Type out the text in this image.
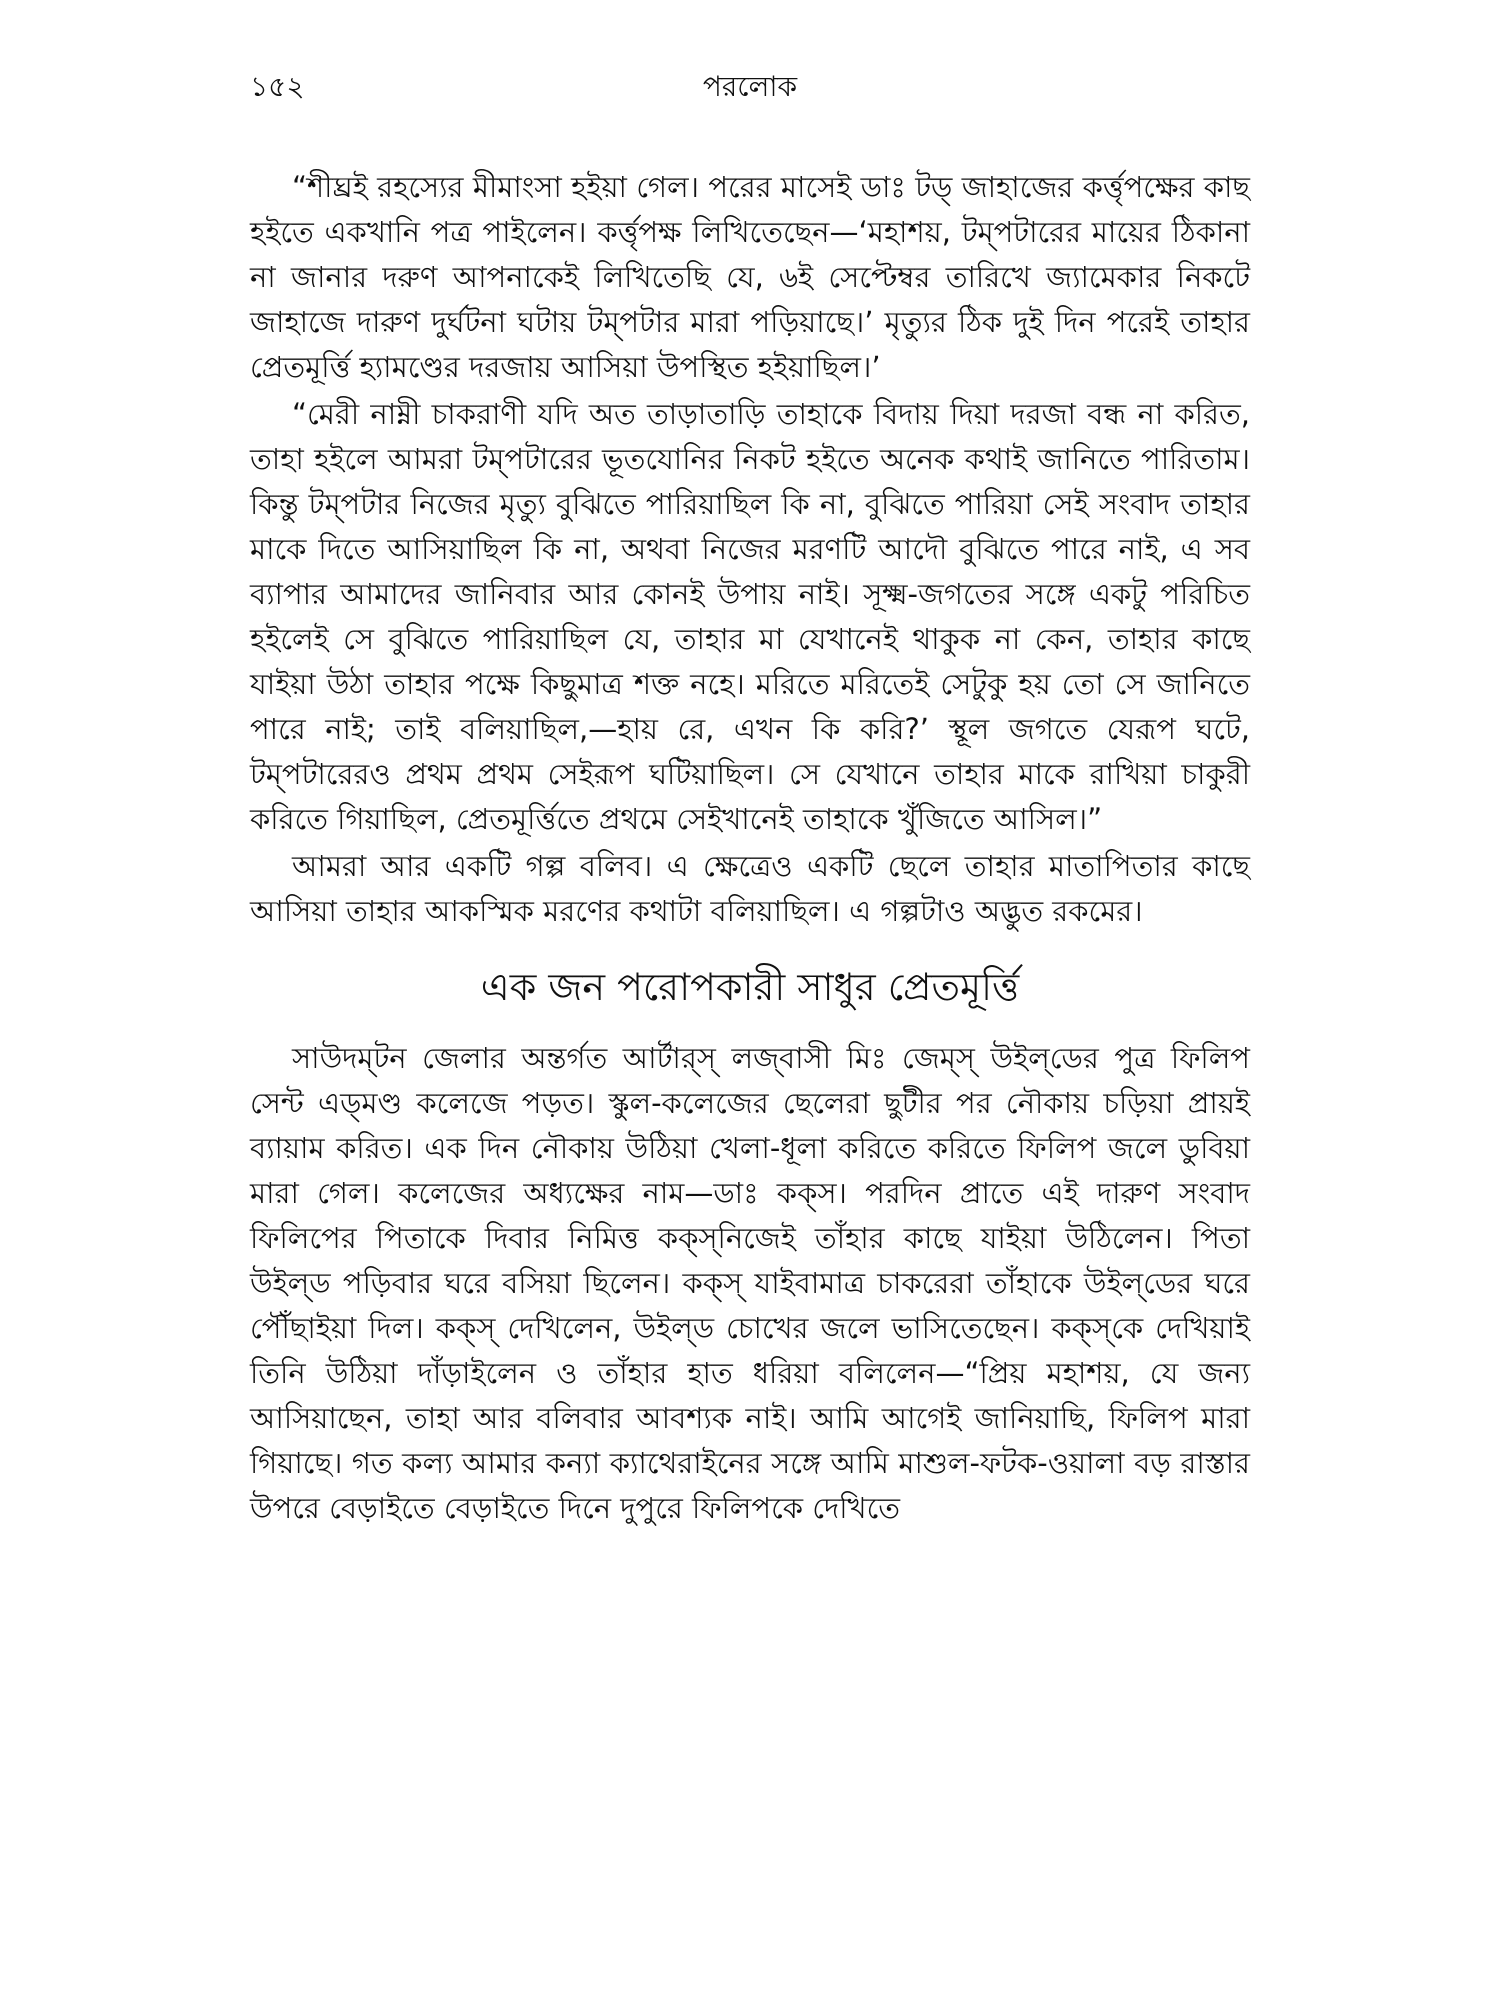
১৫২	পরলোক

“শীঘ্রই রহস্যের মীমাংসা হইয়া গেল। পরের মাসেই ডাঃ টড্ জাহাজের কর্ত্তৃপক্ষের কাছ হইতে একখানি পত্র পাইলেন। কর্ত্তৃপক্ষ লিখিতেছেন—‘মহাশয়, টম্‌পটারের মায়ের ঠিকানা না জানার দরুণ আপনাকেই লিখিতেছি যে, ৬ই সেপ্টেম্বর তারিখে জ্যামেকার নিকটে জাহাজে দারুণ দুর্ঘটনা ঘটায় টম্‌পটার মারা পড়িয়াছে।’ মৃত্যুর ঠিক দুই দিন পরেই তাহার প্রেতমূর্ত্তি হ্যামণ্ডের দরজায় আসিয়া উপস্থিত হইয়াছিল।’

“মেরী নাম্নী চাকরাণী যদি অত তাড়াতাড়ি তাহাকে বিদায় দিয়া দরজা বন্ধ না করিত, তাহা হইলে আমরা টম্‌পটারের ভূতযোনির নিকট হইতে অনেক কথাই জানিতে পারিতাম। কিন্তু টম্‌পটার নিজের মৃত্যু বুঝিতে পারিয়াছিল কি না, বুঝিতে পারিয়া সেই সংবাদ তাহার মাকে দিতে আসিয়াছিল কি না, অথবা নিজের মরণটি আদৌ বুঝিতে পারে নাই, এ সব ব্যাপার আমাদের জানিবার আর কোনই উপায় নাই। সূক্ষ্ম-জগতের সঙ্গে একটু পরিচিত হইলেই সে বুঝিতে পারিয়াছিল যে, তাহার মা যেখানেই থাকুক না কেন, তাহার কাছে যাইয়া উঠা তাহার পক্ষে কিছুমাত্র শক্ত নহে। মরিতে মরিতেই সেটুকু হয় তো সে জানিতে পারে নাই; তাই বলিয়াছিল,—হায় রে, এখন কি করি?’ স্থূল জগতে যেরূপ ঘটে, টম্‌পটারেরও প্রথম প্রথম সেইরূপ ঘটিয়াছিল। সে যেখানে তাহার মাকে রাখিয়া চাকুরী করিতে গিয়াছিল, প্রেতমূর্ত্তিতে প্রথমে সেইখানেই তাহাকে খুঁজিতে আসিল।”

আমরা আর একটি গল্প বলিব। এ ক্ষেত্রেও একটি ছেলে তাহার মাতাপিতার কাছে আসিয়া তাহার আকস্মিক মরণের কথাটা বলিয়াছিল। এ গল্পটাও অদ্ভুত রকমের।

এক জন পরোপকারী সাধুর প্রেতমূর্ত্তি

সাউদম্‌টন জেলার অন্তর্গত আর্টার্‌স্ লজ্‌বাসী মিঃ জেম্‌স্ উইল্‌ডের পুত্র ফিলিপ সেন্ট এড্‌মণ্ড কলেজে পড়ত। স্কুল-কলেজের ছেলেরা ছুটীর পর নৌকায় চড়িয়া প্রায়ই ব্যায়াম করিত। এক দিন নৌকায় উঠিয়া খেলা-ধূলা করিতে করিতে ফিলিপ জলে ডুবিয়া মারা গেল। কলেজের অধ্যক্ষের নাম—ডাঃ কক্‌স। পরদিন প্রাতে এই দারুণ সংবাদ ফিলিপের পিতাকে দিবার নিমিত্ত কক্‌স্‌নিজেই তাঁহার কাছে যাইয়া উঠিলেন। পিতা উইল্‌ড পড়িবার ঘরে বসিয়া ছিলেন। কক্‌স্ যাইবামাত্র চাকরেরা তাঁহাকে উইল্‌ডের ঘরে পৌঁছাইয়া দিল। কক্‌স্ দেখিলেন, উইল্‌ড চোখের জলে ভাসিতেছেন। কক্‌স্‌কে দেখিয়াই তিনি উঠিয়া দাঁড়াইলেন ও তাঁহার হাত ধরিয়া বলিলেন—“প্রিয় মহাশয়, যে জন্য আসিয়াছেন, তাহা আর বলিবার আবশ্যক নাই। আমি আগেই জানিয়াছি, ফিলিপ মারা গিয়াছে। গত কল্য আমার কন্যা ক্যাথেরাইনের সঙ্গে আমি মাশুল-ফটক-ওয়ালা বড় রাস্তার উপরে বেড়াইতে বেড়াইতে দিনে দুপুরে ফিলিপকে দেখিতে
